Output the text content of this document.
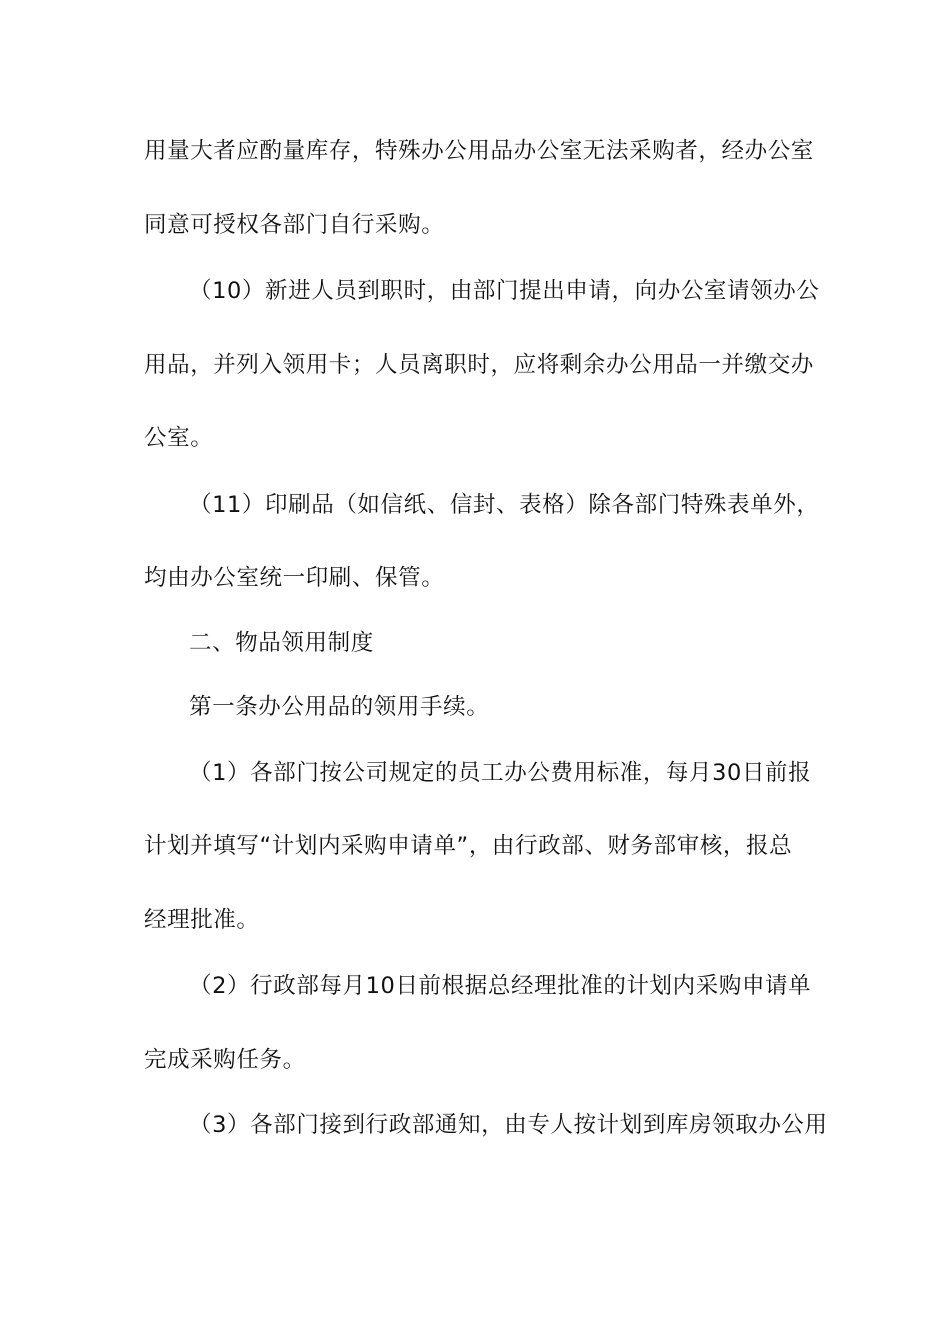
用量大者应酌量库存，特殊办公用品办公室无法采购者，经办公室
同意可授权各部门自行采购。
（10）新进人员到职时，由部门提出申请，向办公室请领办公
用品，并列入领用卡；人员离职时，应将剩余办公用品一并缴交办
公室。
（11）印刷品（如信纸、信封、表格）除各部门特殊表单外，
均由办公室统一印刷、保管。
二、物品领用制度
第一条办公用品的领用手续。
（1）各部门按公司规定的员工办公费用标准，每月30日前报
计划并填写“计划内采购申请单”，由行政部、财务部审核，报总
经理批准。
（2）行政部每月10日前根据总经理批准的计划内采购申请单
完成采购任务。
（3）各部门接到行政部通知，由专人按计划到库房领取办公用
